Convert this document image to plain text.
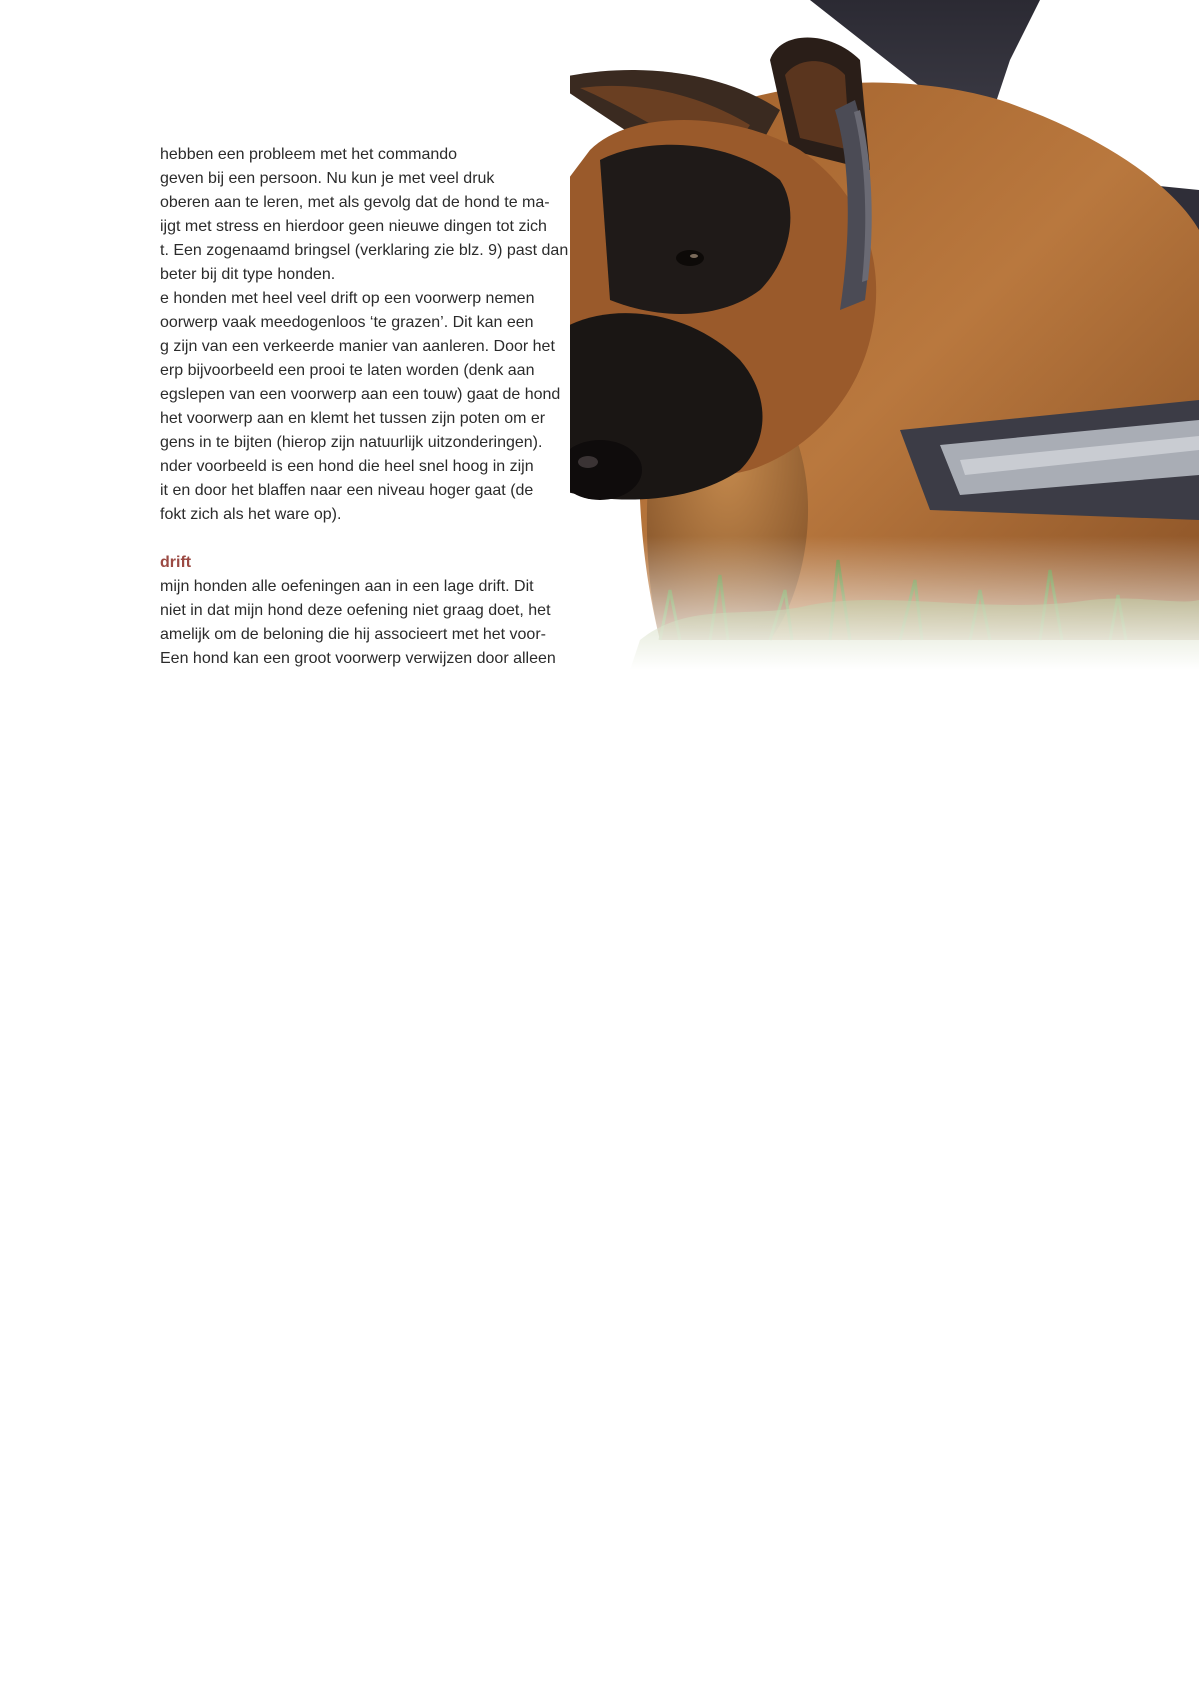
hebben een probleem met het commando

geven bij een persoon. Nu kun je met veel druk

oberen aan te leren, met als gevolg dat de hond te ma-

ijgt met stress en hierdoor geen nieuwe dingen tot zich

t. Een zogenaamd bringsel (verklaring zie blz. 9) past dan

beter bij dit type honden.

e honden met heel veel drift op een voorwerp nemen

oorwerp vaak meedogenloos ‘te grazen’. Dit kan een

g zijn van een verkeerde manier van aanleren. Door het

erp bijvoorbeeld een prooi te laten worden (denk aan

egslepen van een voorwerp aan een touw) gaat de hond

het voorwerp aan en klemt het tussen zijn poten om er

gens in te bijten (hierop zijn natuurlijk uitzonderingen).

nder voorbeeld is een hond die heel snel hoog in zijn

it en door het blaffen naar een niveau hoger gaat (de

fokt zich als het ware op).

drift

mijn honden alle oefeningen aan in een lage drift. Dit

niet in dat mijn hond deze oefening niet graag doet, het

amelijk om de beloning die hij associeert met het voor-

Een hond kan een groot voorwerp verwijzen door alleen
